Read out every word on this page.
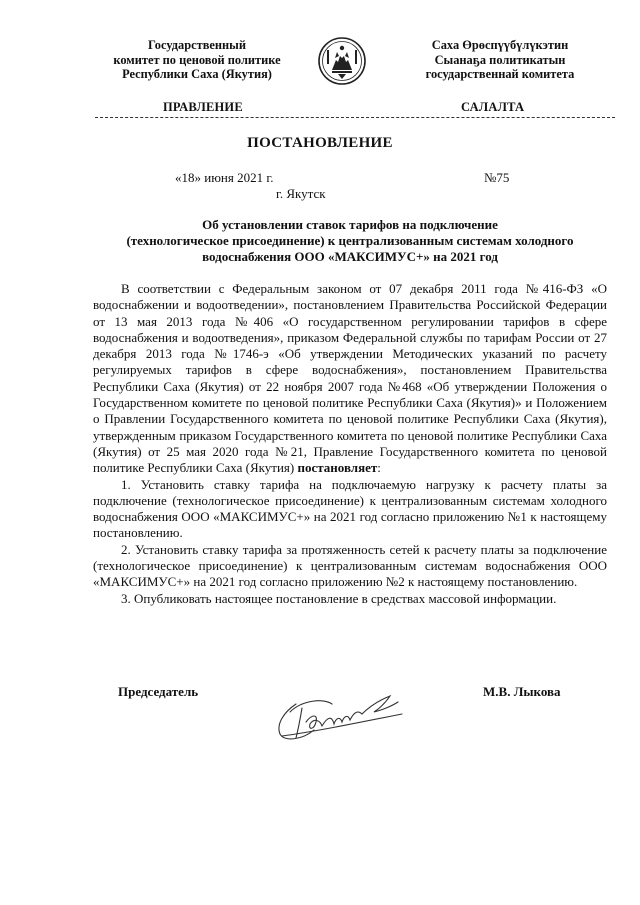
Государственный
комитет по ценовой политике
Республики Саха (Якутия)
Саха Өрөспүүбүлүкэтин
Сыанаҕа политикатын
государственнай комитета
ПРАВЛЕНИЕ	САЛАЛТА
ПОСТАНОВЛЕНИЕ
«18» июня 2021 г.	№75
г. Якутск
Об установлении ставок тарифов на подключение
(технологическое присоединение) к централизованным системам холодного
водоснабжения ООО «МАКСИМУС+» на 2021 год

В соответствии с Федеральным законом от 07 декабря 2011 года №416-ФЗ «О водоснабжении и водоотведении», постановлением Правительства Российской Федерации от 13 мая 2013 года №406 «О государственном регулировании тарифов в сфере водоснабжения и водоотведения», приказом Федеральной службы по тарифам России от 27 декабря 2013 года №1746-э «Об утверждении Методических указаний по расчету регулируемых тарифов в сфере водоснабжения», постановлением Правительства Республики Саха (Якутия) от 22 ноября 2007 года №468 «Об утверждении Положения о Государственном комитете по ценовой политике Республики Саха (Якутия)» и Положением о Правлении Государственного комитета по ценовой политике Республики Саха (Якутия), утвержденным приказом Государственного комитета по ценовой политике Республики Саха (Якутия) от 25 мая 2020 года №21, Правление Государственного комитета по ценовой политике Республики Саха (Якутия) постановляет:

1. Установить ставку тарифа на подключаемую нагрузку к расчету платы за подключение (технологическое присоединение) к централизованным системам холодного водоснабжения ООО «МАКСИМУС+» на 2021 год согласно приложению №1 к настоящему постановлению.

2. Установить ставку тарифа за протяженность сетей к расчету платы за подключение (технологическое присоединение) к централизованным системам водоснабжения ООО «МАКСИМУС+» на 2021 год согласно приложению №2 к настоящему постановлению.

3. Опубликовать настоящее постановление в средствах массовой информации.

Председатель	М.В. Лыкова
